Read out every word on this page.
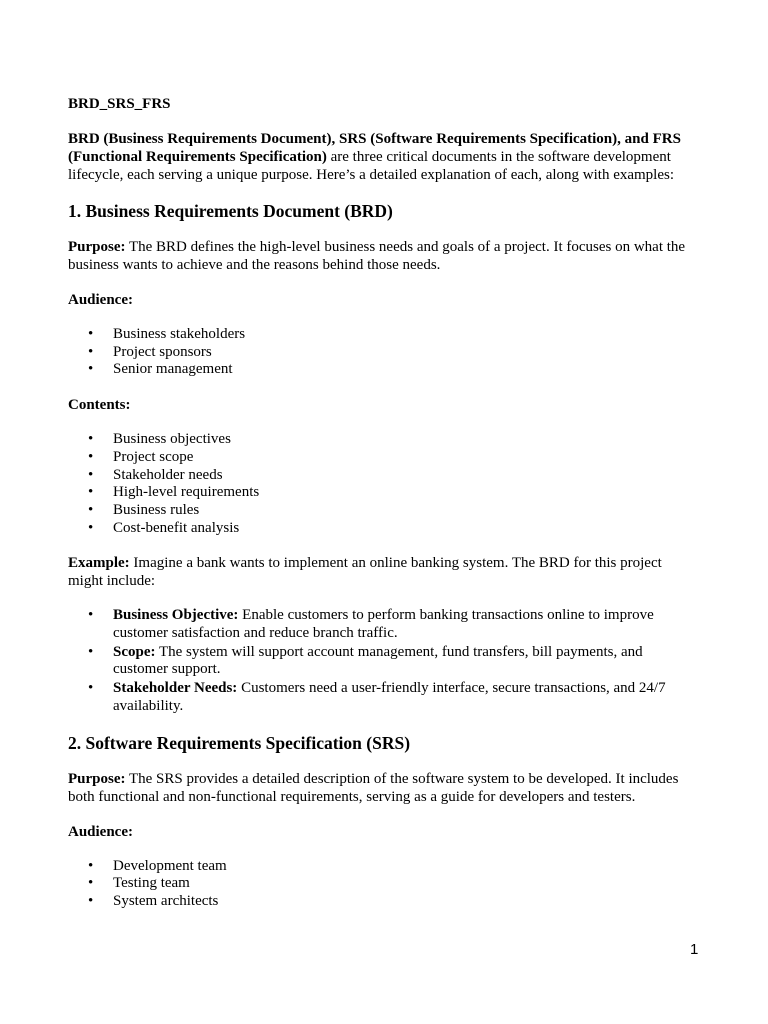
BRD_SRS_FRS

BRD (Business Requirements Document), SRS (Software Requirements Specification), and FRS (Functional Requirements Specification) are three critical documents in the software development lifecycle, each serving a unique purpose. Here’s a detailed explanation of each, along with examples:

1. Business Requirements Document (BRD)

Purpose: The BRD defines the high-level business needs and goals of a project. It focuses on what the business wants to achieve and the reasons behind those needs.

Audience:

• Business stakeholders
• Project sponsors
• Senior management

Contents:

• Business objectives
• Project scope
• Stakeholder needs
• High-level requirements
• Business rules
• Cost-benefit analysis

Example: Imagine a bank wants to implement an online banking system. The BRD for this project might include:

• Business Objective: Enable customers to perform banking transactions online to improve customer satisfaction and reduce branch traffic.
• Scope: The system will support account management, fund transfers, bill payments, and customer support.
• Stakeholder Needs: Customers need a user-friendly interface, secure transactions, and 24/7 availability.
2. Software Requirements Specification (SRS)

Purpose: The SRS provides a detailed description of the software system to be developed. It includes both functional and non-functional requirements, serving as a guide for developers and testers.

Audience:

• Development team
• Testing team
• System architects
1
